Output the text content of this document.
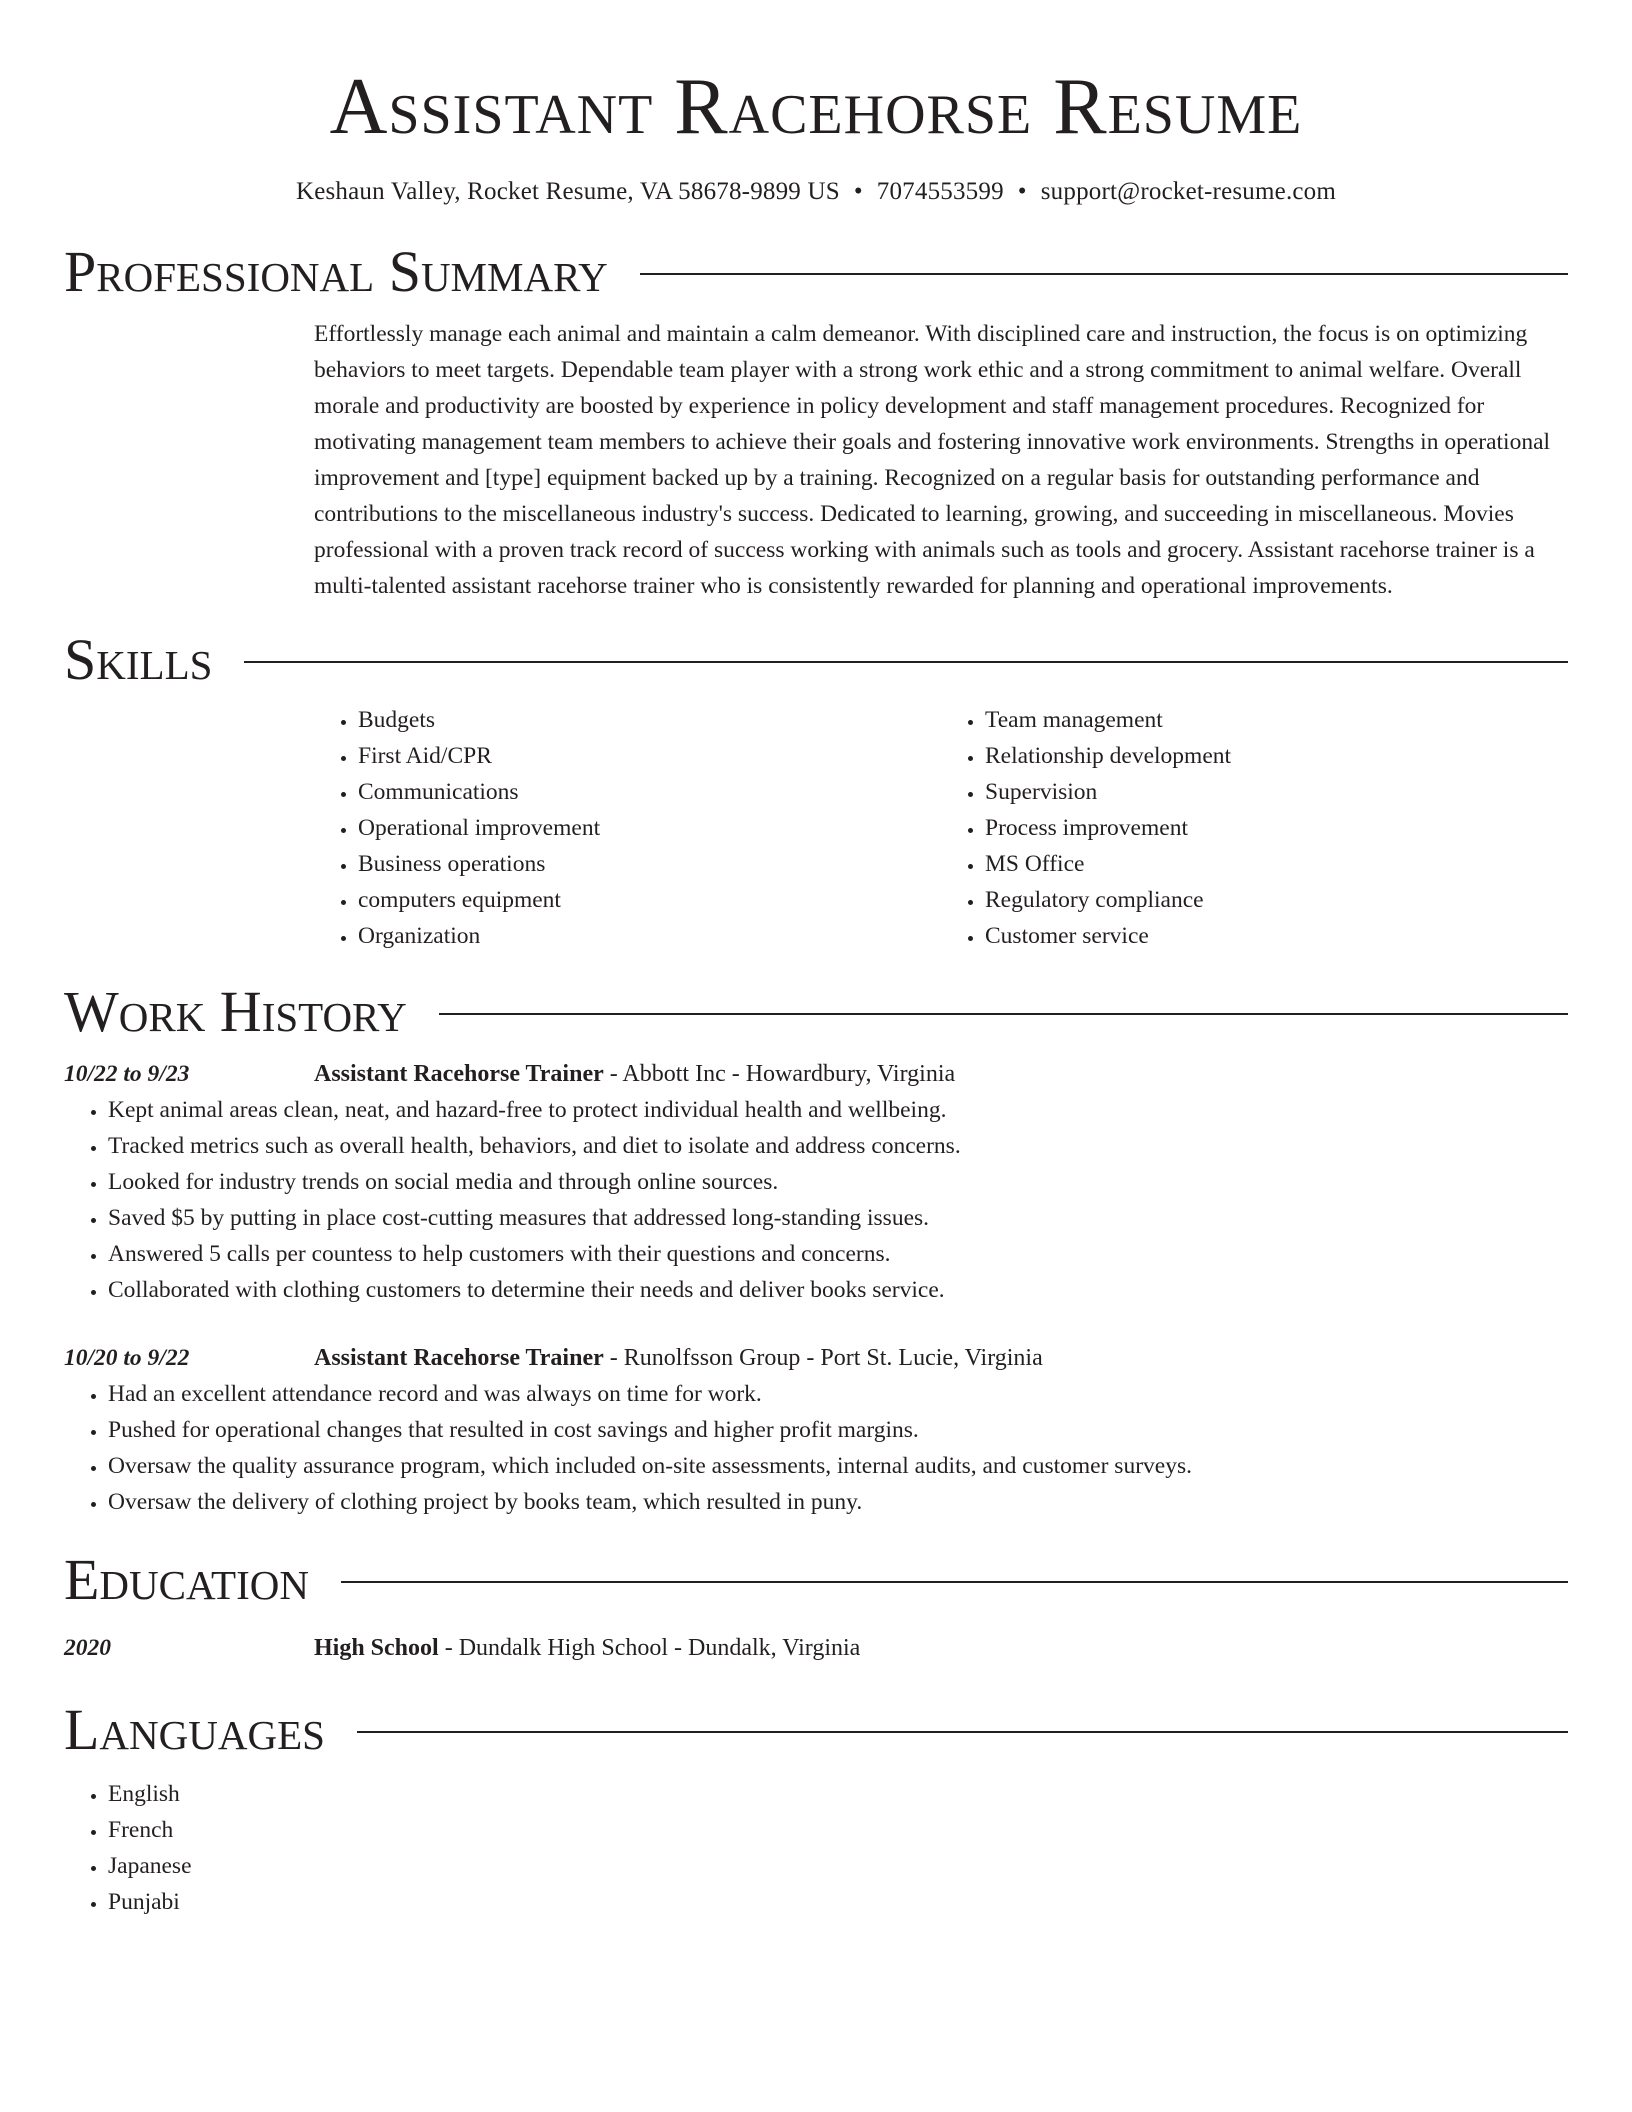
Assistant Racehorse Resume
Keshaun Valley, Rocket Resume, VA 58678-9899 US • 7074553599 • support@rocket-resume.com
Professional Summary
Effortlessly manage each animal and maintain a calm demeanor. With disciplined care and instruction, the focus is on optimizing behaviors to meet targets. Dependable team player with a strong work ethic and a strong commitment to animal welfare. Overall morale and productivity are boosted by experience in policy development and staff management procedures. Recognized for motivating management team members to achieve their goals and fostering innovative work environments. Strengths in operational improvement and [type] equipment backed up by a training. Recognized on a regular basis for outstanding performance and contributions to the miscellaneous industry's success. Dedicated to learning, growing, and succeeding in miscellaneous. Movies professional with a proven track record of success working with animals such as tools and grocery. Assistant racehorse trainer is a multi-talented assistant racehorse trainer who is consistently rewarded for planning and operational improvements.
Skills
• Budgets
• First Aid/CPR
• Communications
• Operational improvement
• Business operations
• computers equipment
• Organization
• Team management
• Relationship development
• Supervision
• Process improvement
• MS Office
• Regulatory compliance
• Customer service
Work History
10/22 to 9/23	Assistant Racehorse Trainer - Abbott Inc - Howardbury, Virginia
• Kept animal areas clean, neat, and hazard-free to protect individual health and wellbeing.
• Tracked metrics such as overall health, behaviors, and diet to isolate and address concerns.
• Looked for industry trends on social media and through online sources.
• Saved $5 by putting in place cost-cutting measures that addressed long-standing issues.
• Answered 5 calls per countess to help customers with their questions and concerns.
• Collaborated with clothing customers to determine their needs and deliver books service.
10/20 to 9/22	Assistant Racehorse Trainer - Runolfsson Group - Port St. Lucie, Virginia
• Had an excellent attendance record and was always on time for work.
• Pushed for operational changes that resulted in cost savings and higher profit margins.
• Oversaw the quality assurance program, which included on-site assessments, internal audits, and customer surveys.
• Oversaw the delivery of clothing project by books team, which resulted in puny.
Education
2020	High School - Dundalk High School - Dundalk, Virginia
Languages
• English
• French
• Japanese
• Punjabi
